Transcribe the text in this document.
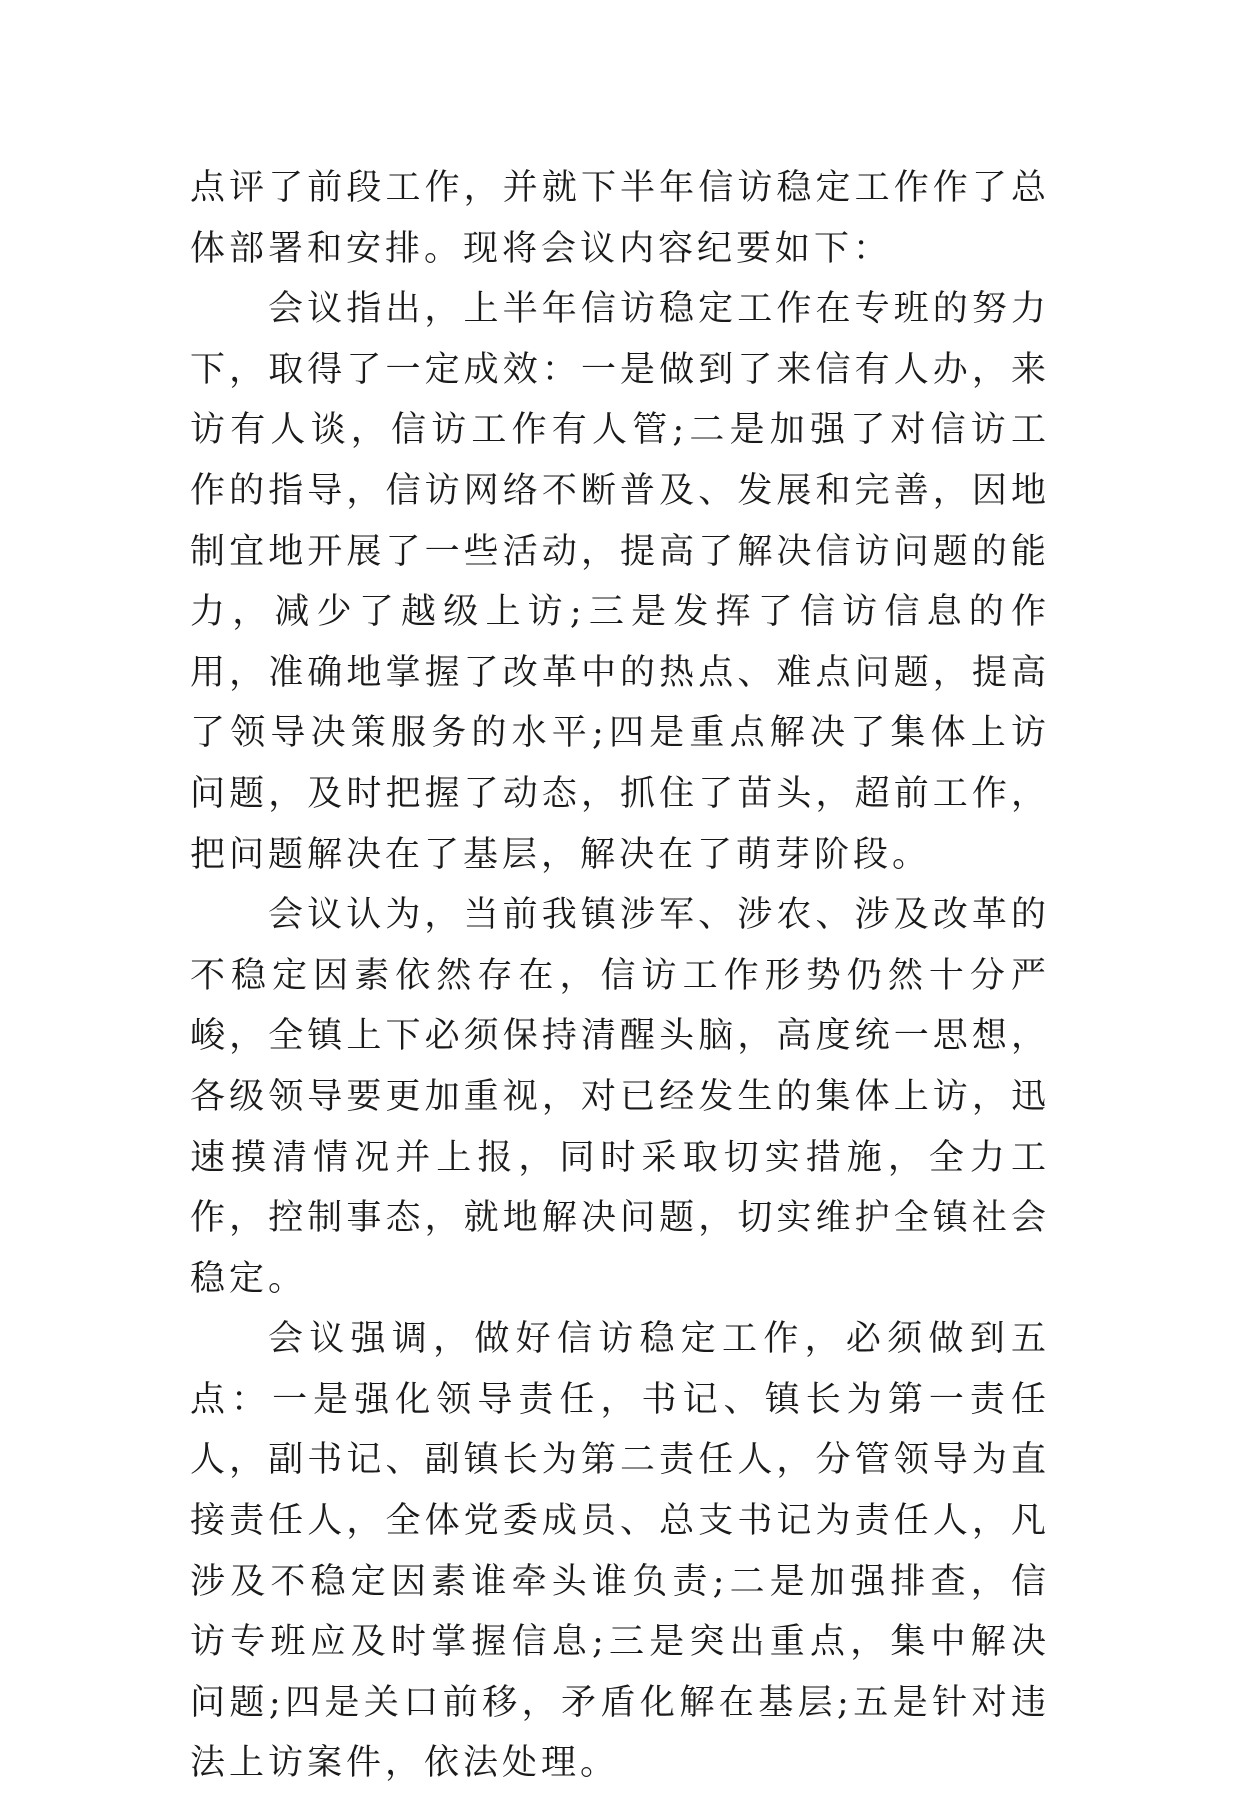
点评了前段工作，并就下半年信访稳定工作作了总体部署和安排。现将会议内容纪要如下：

会议指出，上半年信访稳定工作在专班的努力下，取得了一定成效：一是做到了来信有人办，来访有人谈，信访工作有人管;二是加强了对信访工作的指导，信访网络不断普及、发展和完善，因地制宜地开展了一些活动，提高了解决信访问题的能力，减少了越级上访;三是发挥了信访信息的作用，准确地掌握了改革中的热点、难点问题，提高了领导决策服务的水平;四是重点解决了集体上访问题，及时把握了动态，抓住了苗头，超前工作，把问题解决在了基层，解决在了萌芽阶段。

会议认为，当前我镇涉军、涉农、涉及改革的不稳定因素依然存在，信访工作形势仍然十分严峻，全镇上下必须保持清醒头脑，高度统一思想，各级领导要更加重视，对已经发生的集体上访，迅速摸清情况并上报，同时采取切实措施，全力工作，控制事态，就地解决问题，切实维护全镇社会稳定。

会议强调，做好信访稳定工作，必须做到五点：一是强化领导责任，书记、镇长为第一责任人，副书记、副镇长为第二责任人，分管领导为直接责任人，全体党委成员、总支书记为责任人，凡涉及不稳定因素谁牵头谁负责;二是加强排查，信访专班应及时掌握信息;三是突出重点，集中解决问题;四是关口前移，矛盾化解在基层;五是针对违法上访案件，依法处理。
